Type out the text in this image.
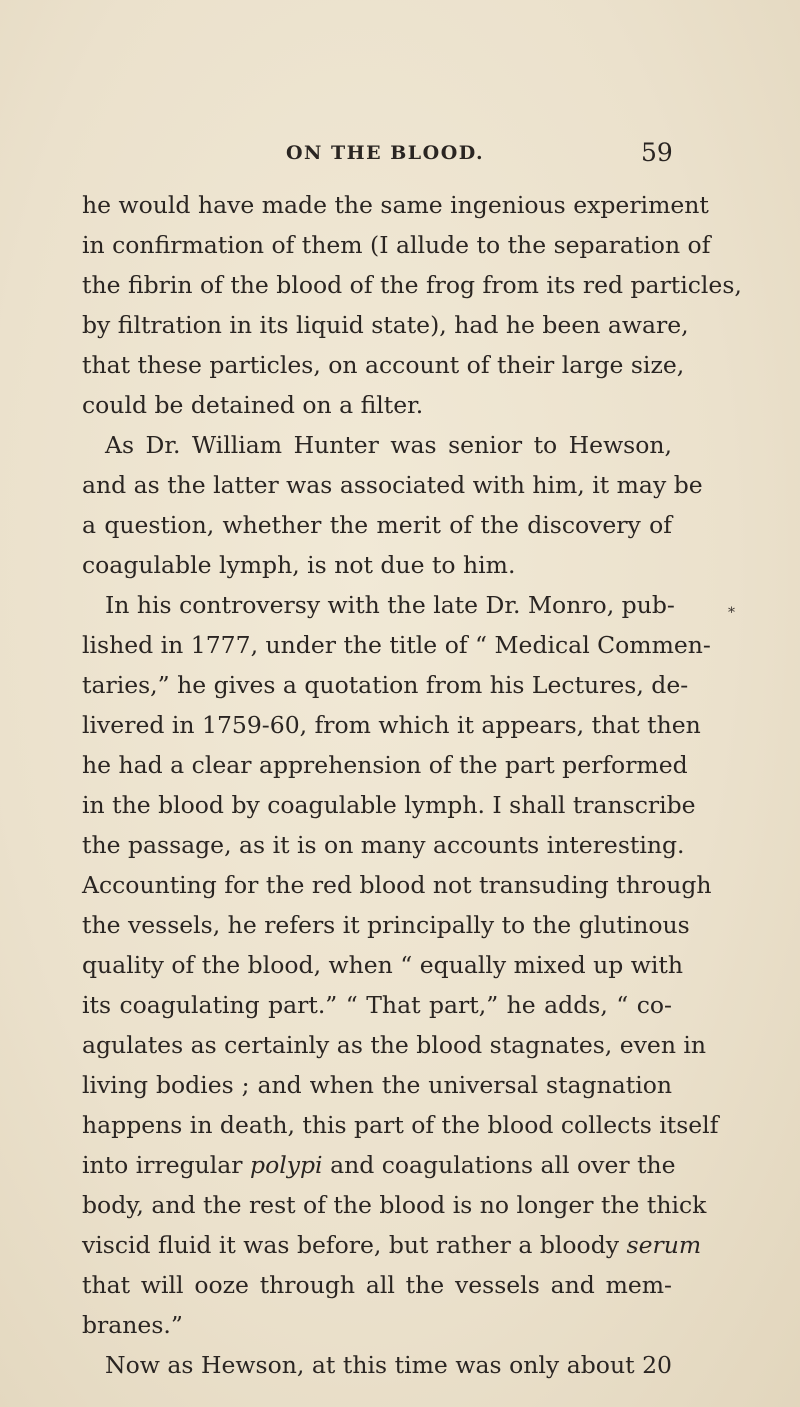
ON THE BLOOD.	59
*
he would have made the same ingenious experiment
in confirmation of them (I allude to the separation of
the fibrin of the blood of the frog from its red particles,
by filtration in its liquid state), had he been aware,
that these particles, on account of their large size,
could be detained on a filter.
As Dr. William Hunter was senior to Hewson,
and as the latter was associated with him, it may be
a question, whether the merit of the discovery of
coagulable lymph, is not due to him.
In his controversy with the late Dr. Monro, pub-
lished in 1777, under the title of “ Medical Commen-
taries,” he gives a quotation from his Lectures, de-
livered in 1759-60, from which it appears, that then
he had a clear apprehension of the part performed
in the blood by coagulable lymph. I shall transcribe
the passage, as it is on many accounts interesting.
Accounting for the red blood not transuding through
the vessels, he refers it principally to the glutinous
quality of the blood, when “ equally mixed up with
its coagulating part.” “ That part,” he adds, “ co-
agulates as certainly as the blood stagnates, even in
living bodies ; and when the universal stagnation
happens in death, this part of the blood collects itself
into irregular polypi and coagulations all over the
body, and the rest of the blood is no longer the thick
viscid fluid it was before, but rather a bloody serum
that will ooze through all the vessels and mem-
branes.”
Now as Hewson, at this time was only about 20
